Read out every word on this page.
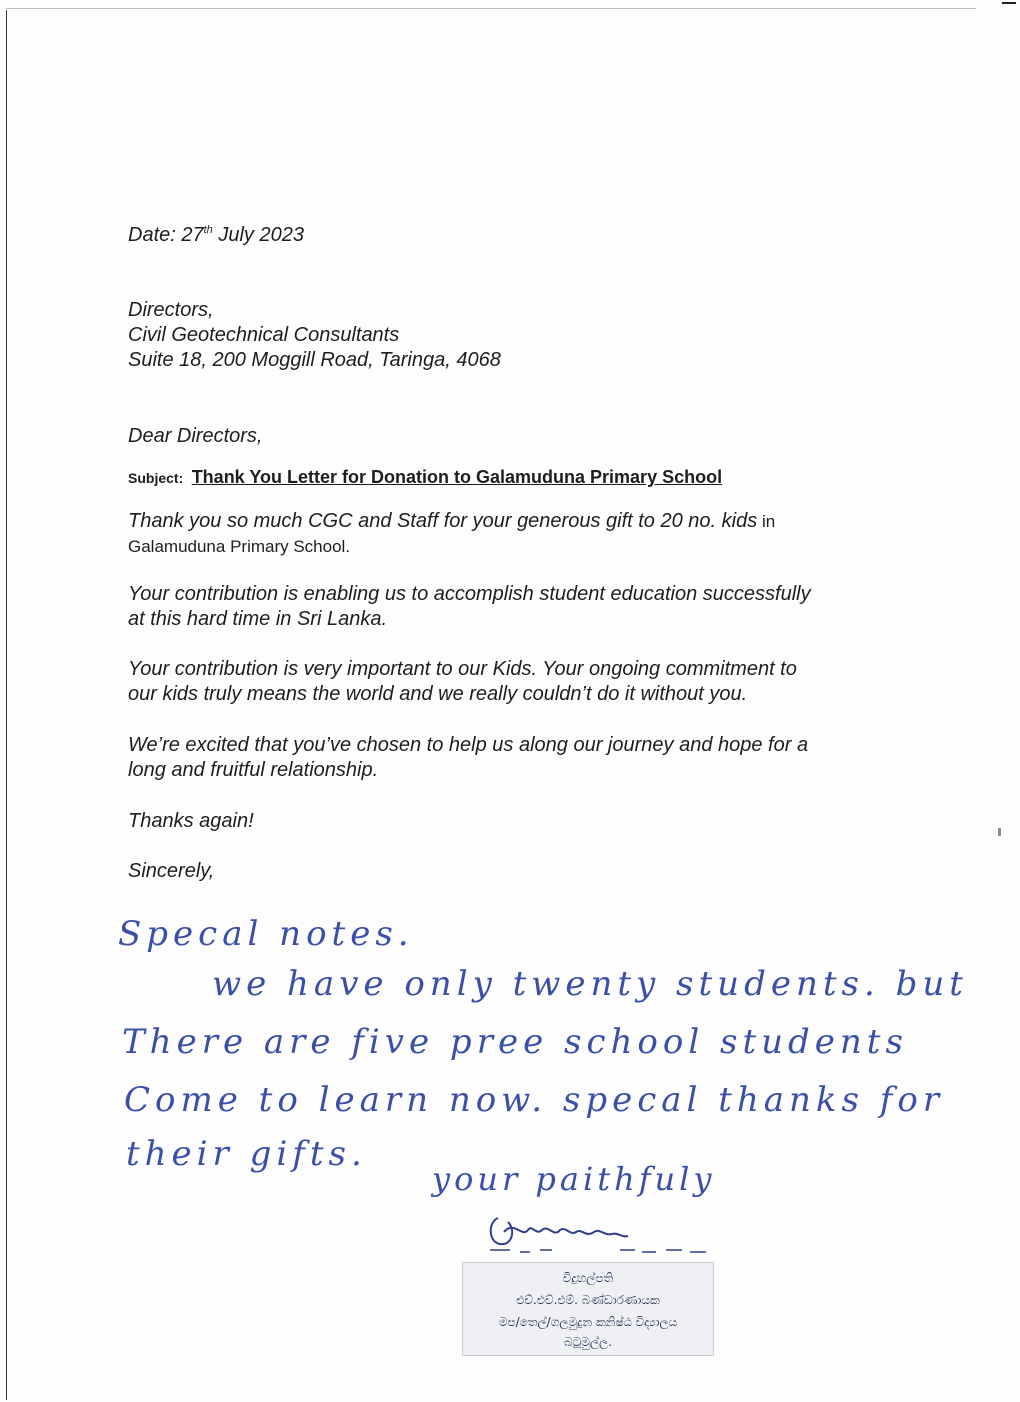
Date: 27th July 2023
Directors,
Civil Geotechnical Consultants
Suite 18, 200 Moggill Road, Taringa, 4068
Dear Directors,
Subject: Thank You Letter for Donation to Galamuduna Primary School
Thank you so much CGC and Staff for your generous gift to 20 no. kids in
Galamuduna Primary School.
Your contribution is enabling us to accomplish student education successfully
at this hard time in Sri Lanka.
Your contribution is very important to our Kids. Your ongoing commitment to
our kids truly means the world and we really couldn’t do it without you.
We’re excited that you’ve chosen to help us along our journey and hope for a
long and fruitful relationship.
Thanks again!
Sincerely,
Specal notes.
we have only twenty students. but
There are five pree school students
Come to learn now. specal thanks for
their gifts.
your paithfuly
විදුහල්පති
එච්.එච්.එම්. බණ්ඩාරණායක
මප/තෙල්/ගලමුදුන කනිෂ්ඨ විද්‍යාලය
බටුමුල්ල.
